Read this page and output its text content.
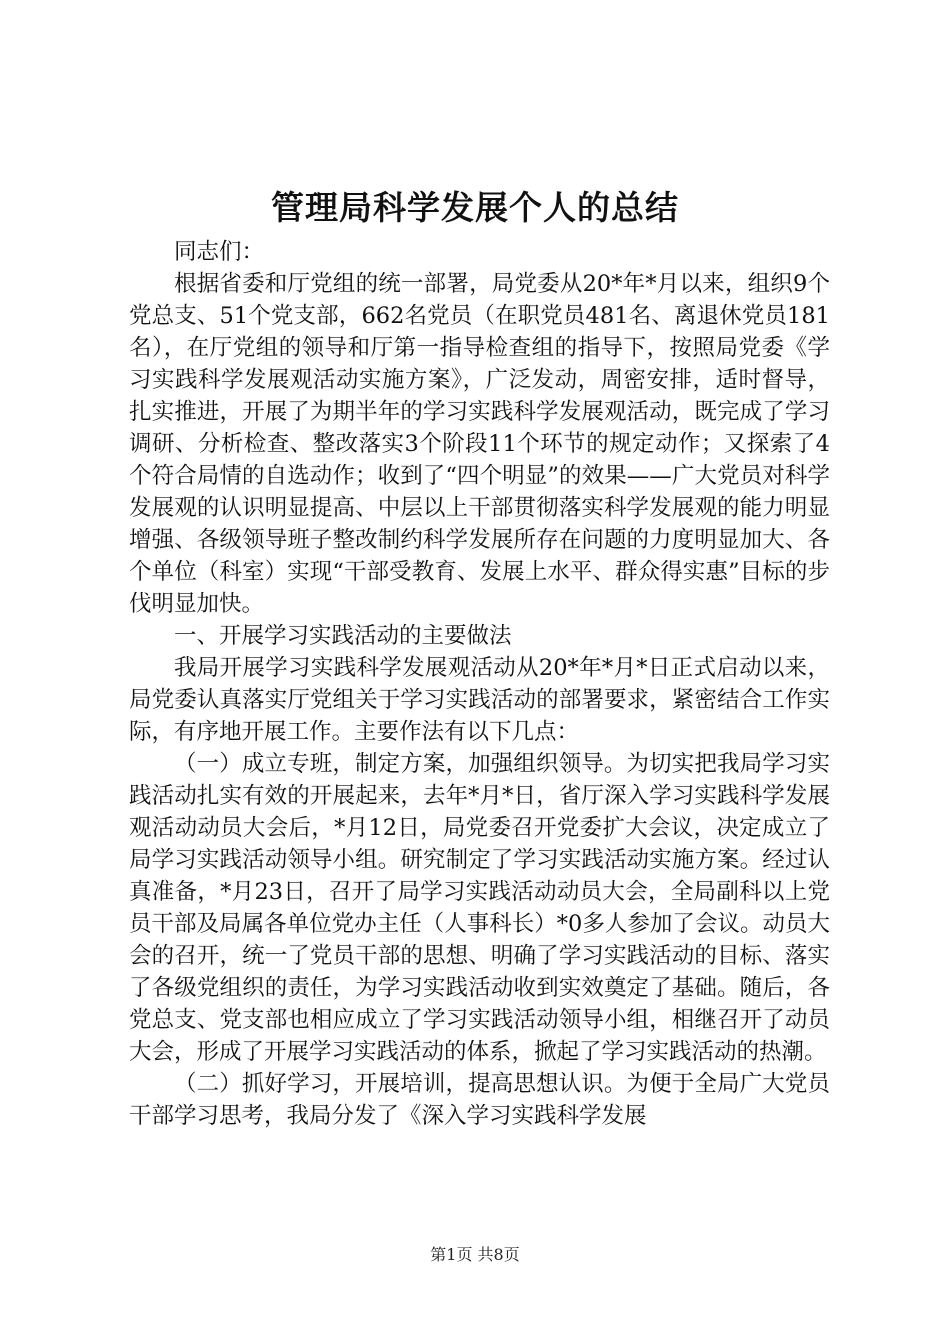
管理局科学发展个人的总结

同志们：

根据省委和厅党组的统一部署，局党委从20*年*月以来，组织9个党总支、51个党支部，662名党员（在职党员481名、离退休党员181名），在厅党组的领导和厅第一指导检查组的指导下，按照局党委《学习实践科学发展观活动实施方案》，广泛发动，周密安排，适时督导，扎实推进，开展了为期半年的学习实践科学发展观活动，既完成了学习调研、分析检查、整改落实3个阶段11个环节的规定动作；又探索了4个符合局情的自选动作；收到了“四个明显”的效果——广大党员对科学发展观的认识明显提高、中层以上干部贯彻落实科学发展观的能力明显增强、各级领导班子整改制约科学发展所存在问题的力度明显加大、各个单位（科室）实现“干部受教育、发展上水平、群众得实惠”目标的步伐明显加快。

一、开展学习实践活动的主要做法

我局开展学习实践科学发展观活动从20*年*月*日正式启动以来，局党委认真落实厅党组关于学习实践活动的部署要求，紧密结合工作实际，有序地开展工作。主要作法有以下几点：

（一）成立专班，制定方案，加强组织领导。为切实把我局学习实践活动扎实有效的开展起来，去年*月*日，省厅深入学习实践科学发展观活动动员大会后，*月12日，局党委召开党委扩大会议，决定成立了局学习实践活动领导小组。研究制定了学习实践活动实施方案。经过认真准备，*月23日，召开了局学习实践活动动员大会，全局副科以上党员干部及局属各单位党办主任（人事科长）*0多人参加了会议。动员大会的召开，统一了党员干部的思想、明确了学习实践活动的目标、落实了各级党组织的责任，为学习实践活动收到实效奠定了基础。随后，各党总支、党支部也相应成立了学习实践活动领导小组，相继召开了动员大会，形成了开展学习实践活动的体系，掀起了学习实践活动的热潮。

（二）抓好学习，开展培训，提高思想认识。为便于全局广大党员干部学习思考，我局分发了《深入学习实践科学发展

第1页 共8页
